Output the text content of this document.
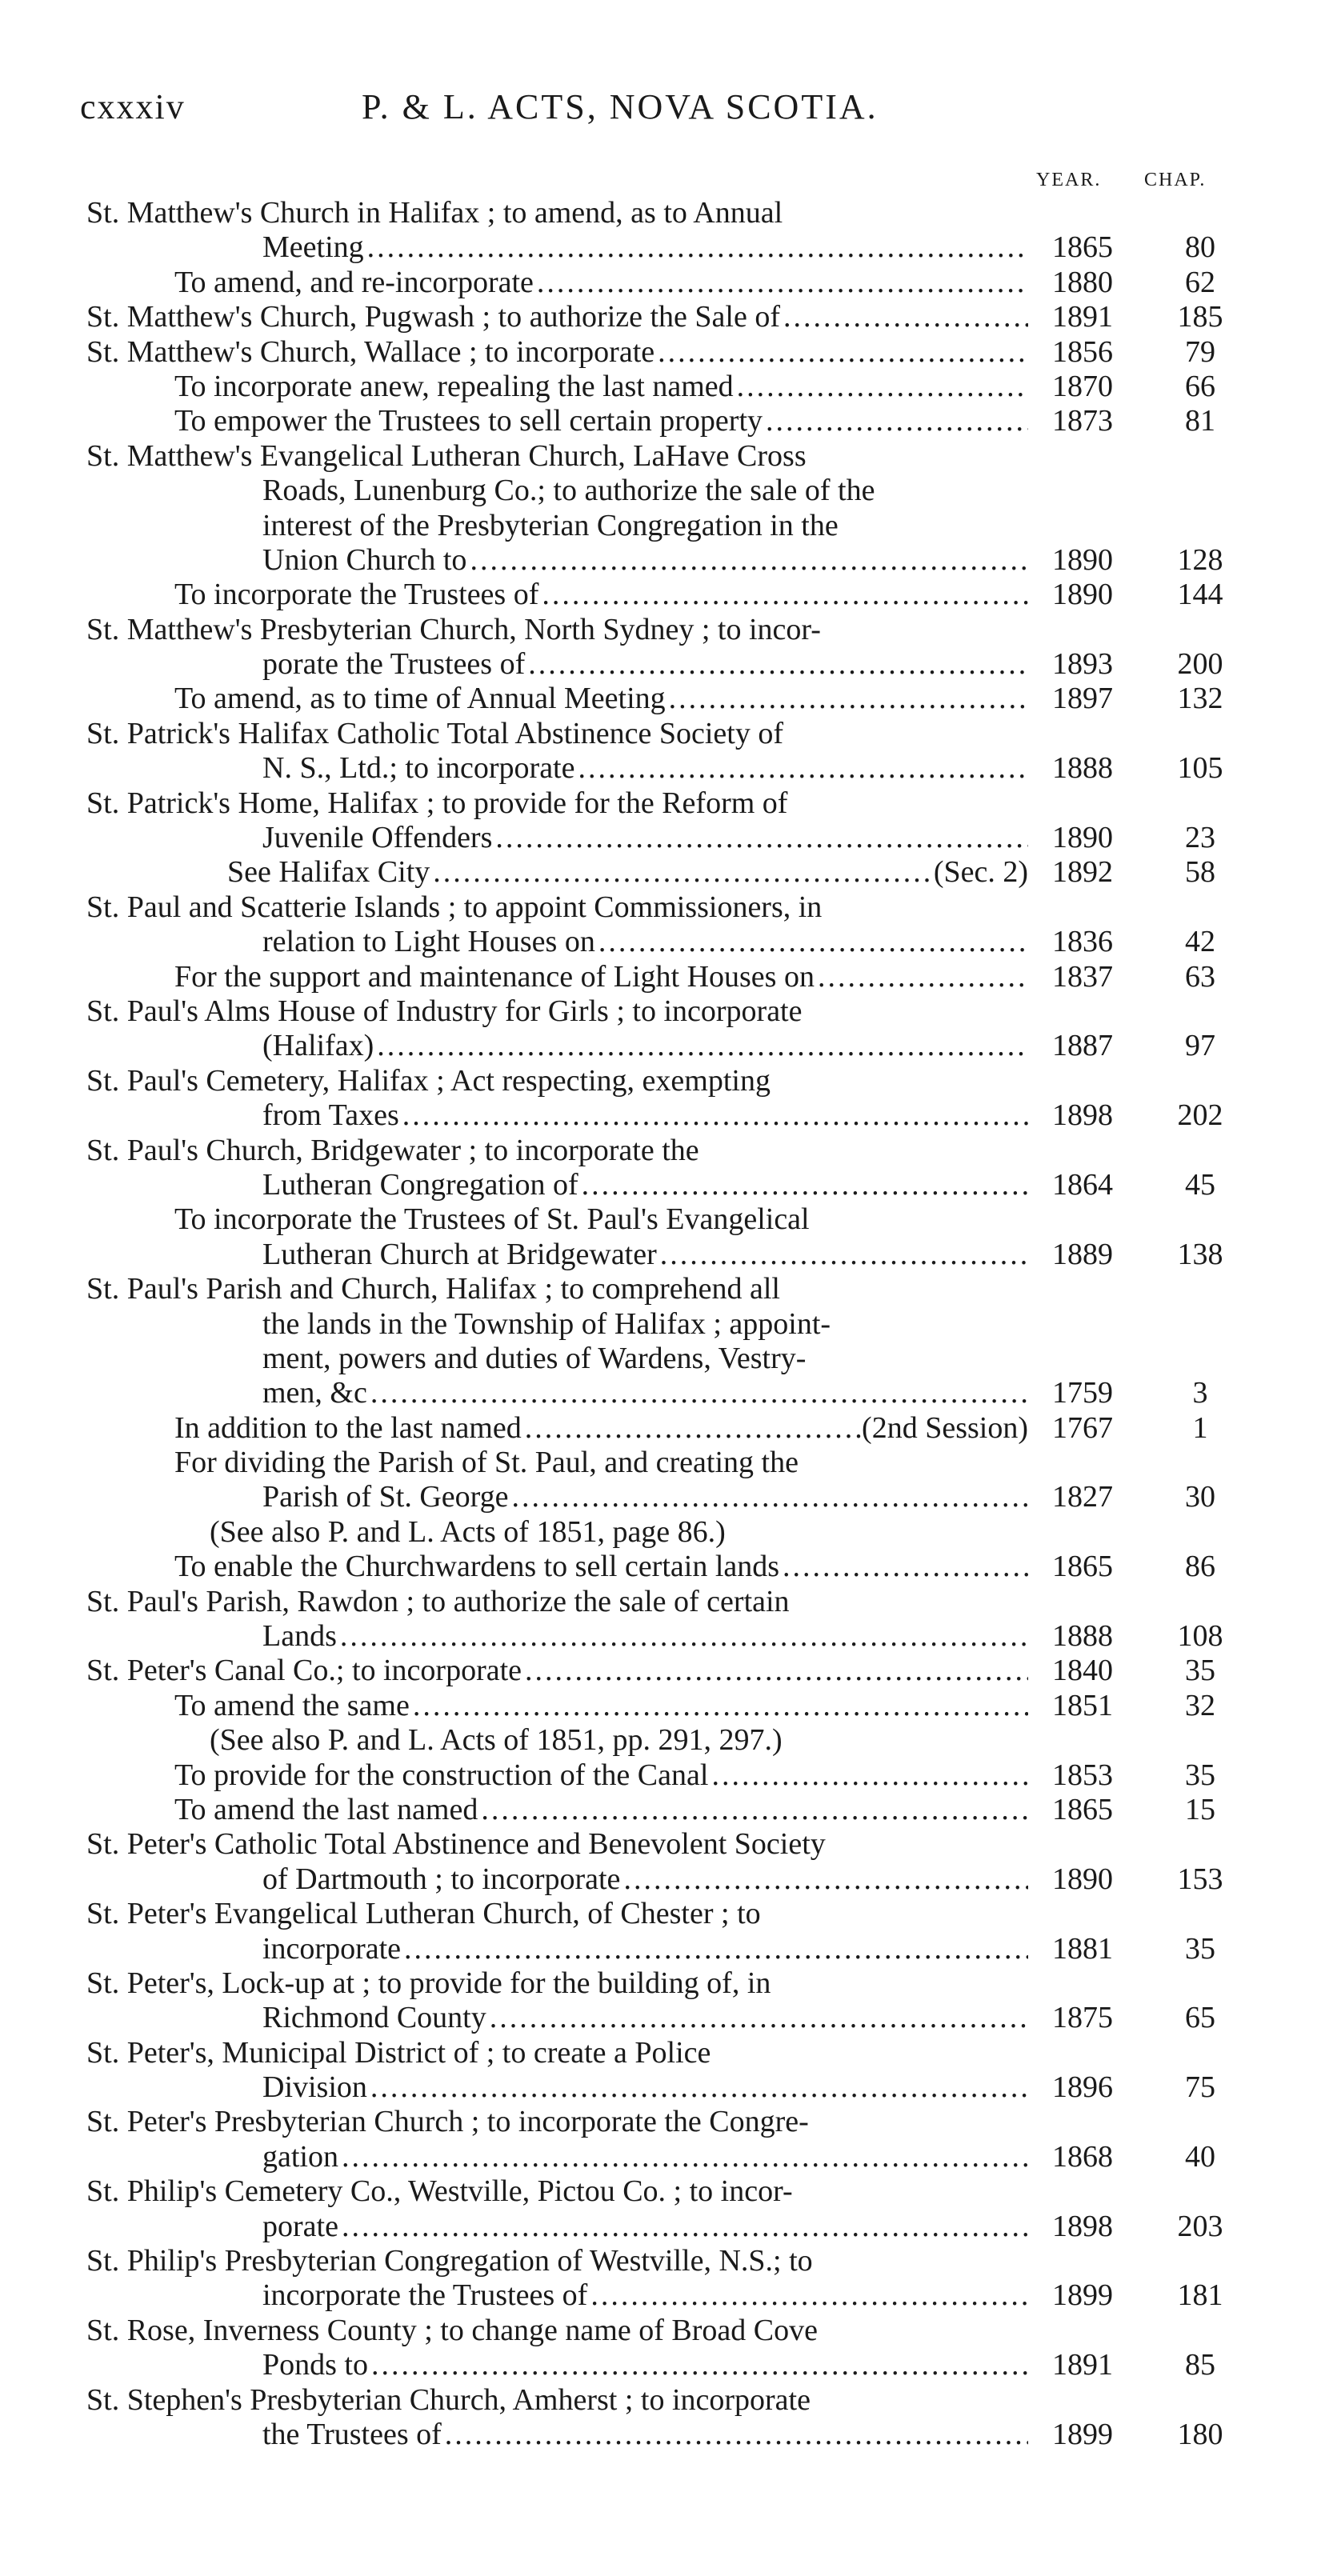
cxxxiv	P. & L. ACTS, NOVA SCOTIA.
YEAR. CHAP.
St. Matthew's Church in Halifax ; to amend, as to Annual
Meeting .....	1865	80
To amend, and re-incorporate .....	1880	62
St. Matthew's Church, Pugwash ; to authorize the Sale of .....	1891	185
St. Matthew's Church, Wallace ; to incorporate .....	1856	79
To incorporate anew, repealing the last named .....	1870	66
To empower the Trustees to sell certain property .....	1873	81
St. Matthew's Evangelical Lutheran Church, LaHave Cross
Roads, Lunenburg Co.; to authorize the sale of the
interest of the Presbyterian Congregation in the
Union Church to .....	1890	128
To incorporate the Trustees of .....	1890	144
St. Matthew's Presbyterian Church, North Sydney ; to incor-
porate the Trustees of .....	1893	200
To amend, as to time of Annual Meeting .....	1897	132
St. Patrick's Halifax Catholic Total Abstinence Society of
N. S., Ltd.; to incorporate .....	1888	105
St. Patrick's Home, Halifax ; to provide for the Reform of
Juvenile Offenders .....	1890	23
See Halifax City .....	(Sec. 2) 1892	58
St. Paul and Scatterie Islands ; to appoint Commissioners, in
relation to Light Houses on .....	1836	42
For the support and maintenance of Light Houses on .....	1837	63
St. Paul's Alms House of Industry for Girls ; to incorporate
(Halifax) .....	1887	97
St. Paul's Cemetery, Halifax ; Act respecting, exempting
from Taxes .....	1898	202
St. Paul's Church, Bridgewater ; to incorporate the
Lutheran Congregation of .....	1864	45
To incorporate the Trustees of St. Paul's Evangelical
Lutheran Church at Bridgewater .....	1889	138
St. Paul's Parish and Church, Halifax ; to comprehend all
the lands in the Township of Halifax ; appoint-
ment, powers and duties of Wardens, Vestry-
men, &c .....	1759	3
In addition to the last named .....	(2nd Session) 1767	1
For dividing the Parish of St. Paul, and creating the
Parish of St. George .....	1827	30
(See also P. and L. Acts of 1851, page 86.)
To enable the Churchwardens to sell certain lands .....	1865	86
St. Paul's Parish, Rawdon ; to authorize the sale of certain
Lands .....	1888	108
St. Peter's Canal Co.; to incorporate .....	1840	35
To amend the same .....	1851	32
(See also P. and L. Acts of 1851, pp. 291, 297.)
To provide for the construction of the Canal .....	1853	35
To amend the last named .....	1865	15
St. Peter's Catholic Total Abstinence and Benevolent Society
of Dartmouth ; to incorporate .....	1890	153
St. Peter's Evangelical Lutheran Church, of Chester ; to
incorporate .....	1881	35
St. Peter's, Lock-up at ; to provide for the building of, in
Richmond County .....	1875	65
St. Peter's, Municipal District of ; to create a Police
Division .....	1896	75
St. Peter's Presbyterian Church ; to incorporate the Congre-
gation .....	1868	40
St. Philip's Cemetery Co., Westville, Pictou Co. ; to incor-
porate .....	1898	203
St. Philip's Presbyterian Congregation of Westville, N.S.; to
incorporate the Trustees of .....	1899	181
St. Rose, Inverness County ; to change name of Broad Cove
Ponds to .....	1891	85
St. Stephen's Presbyterian Church, Amherst ; to incorporate
the Trustees of .....	1899	180
